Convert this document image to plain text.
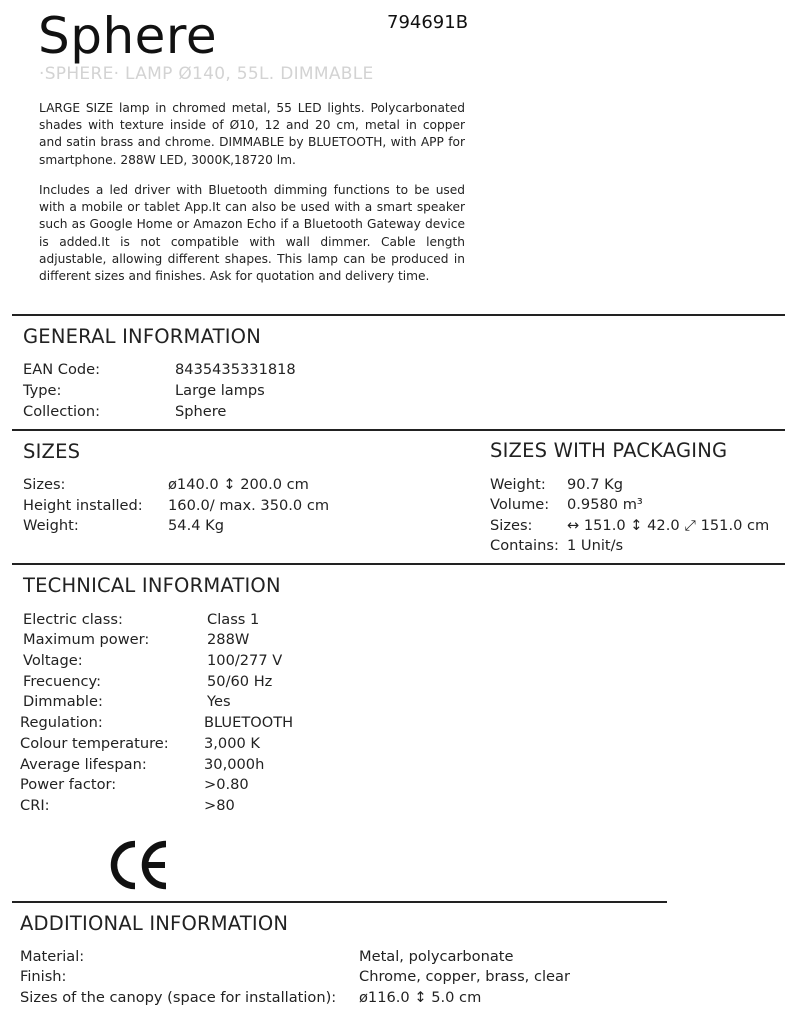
Sphere	794691B
·SPHERE· LAMP Ø140, 55L. DIMMABLE
LARGE SIZE lamp in chromed metal, 55 LED lights. Polycarbonated shades with texture inside of Ø10, 12 and 20 cm, metal in copper and satin brass and chrome. DIMMABLE by BLUETOOTH, with APP for smartphone. 288W LED, 3000K,18720 lm.
Includes a led driver with Bluetooth dimming functions to be used with a mobile or tablet App.It can also be used with a smart speaker such as Google Home or Amazon Echo if a Bluetooth Gateway device is added.It is not compatible with wall dimmer. Cable length adjustable, allowing different shapes. This lamp can be produced in different sizes and finishes. Ask for quotation and delivery time.
GENERAL INFORMATION
EAN Code:	8435435331818
Type:	Large lamps
Collection:	Sphere
SIZES	SIZES WITH PACKAGING
Sizes:	ø140.0 ↕ 200.0 cm
Height installed: 160.0/ max. 350.0 cm
Weight:	54.4 Kg
Weight: 90.7 Kg
Volume: 0.9580 m³
Sizes: ↔ 151.0 ↕ 42.0 ⤢ 151.0 cm
Contains: 1 Unit/s
TECHNICAL INFORMATION
Electric class:	Class 1
Maximum power:	288W
Voltage:	100/277 V
Frecuency:	50/60 Hz
Dimmable:	Yes
Regulation:	BLUETOOTH
Colour temperature: 3,000 K
Average lifespan:	30,000h
Power factor:	>0.80
CRI:	>80
ADDITIONAL INFORMATION
Material:	Metal, polycarbonate
Finish:	Chrome, copper, brass, clear
Sizes of the canopy (space for installation): ø116.0 ↕ 5.0 cm
